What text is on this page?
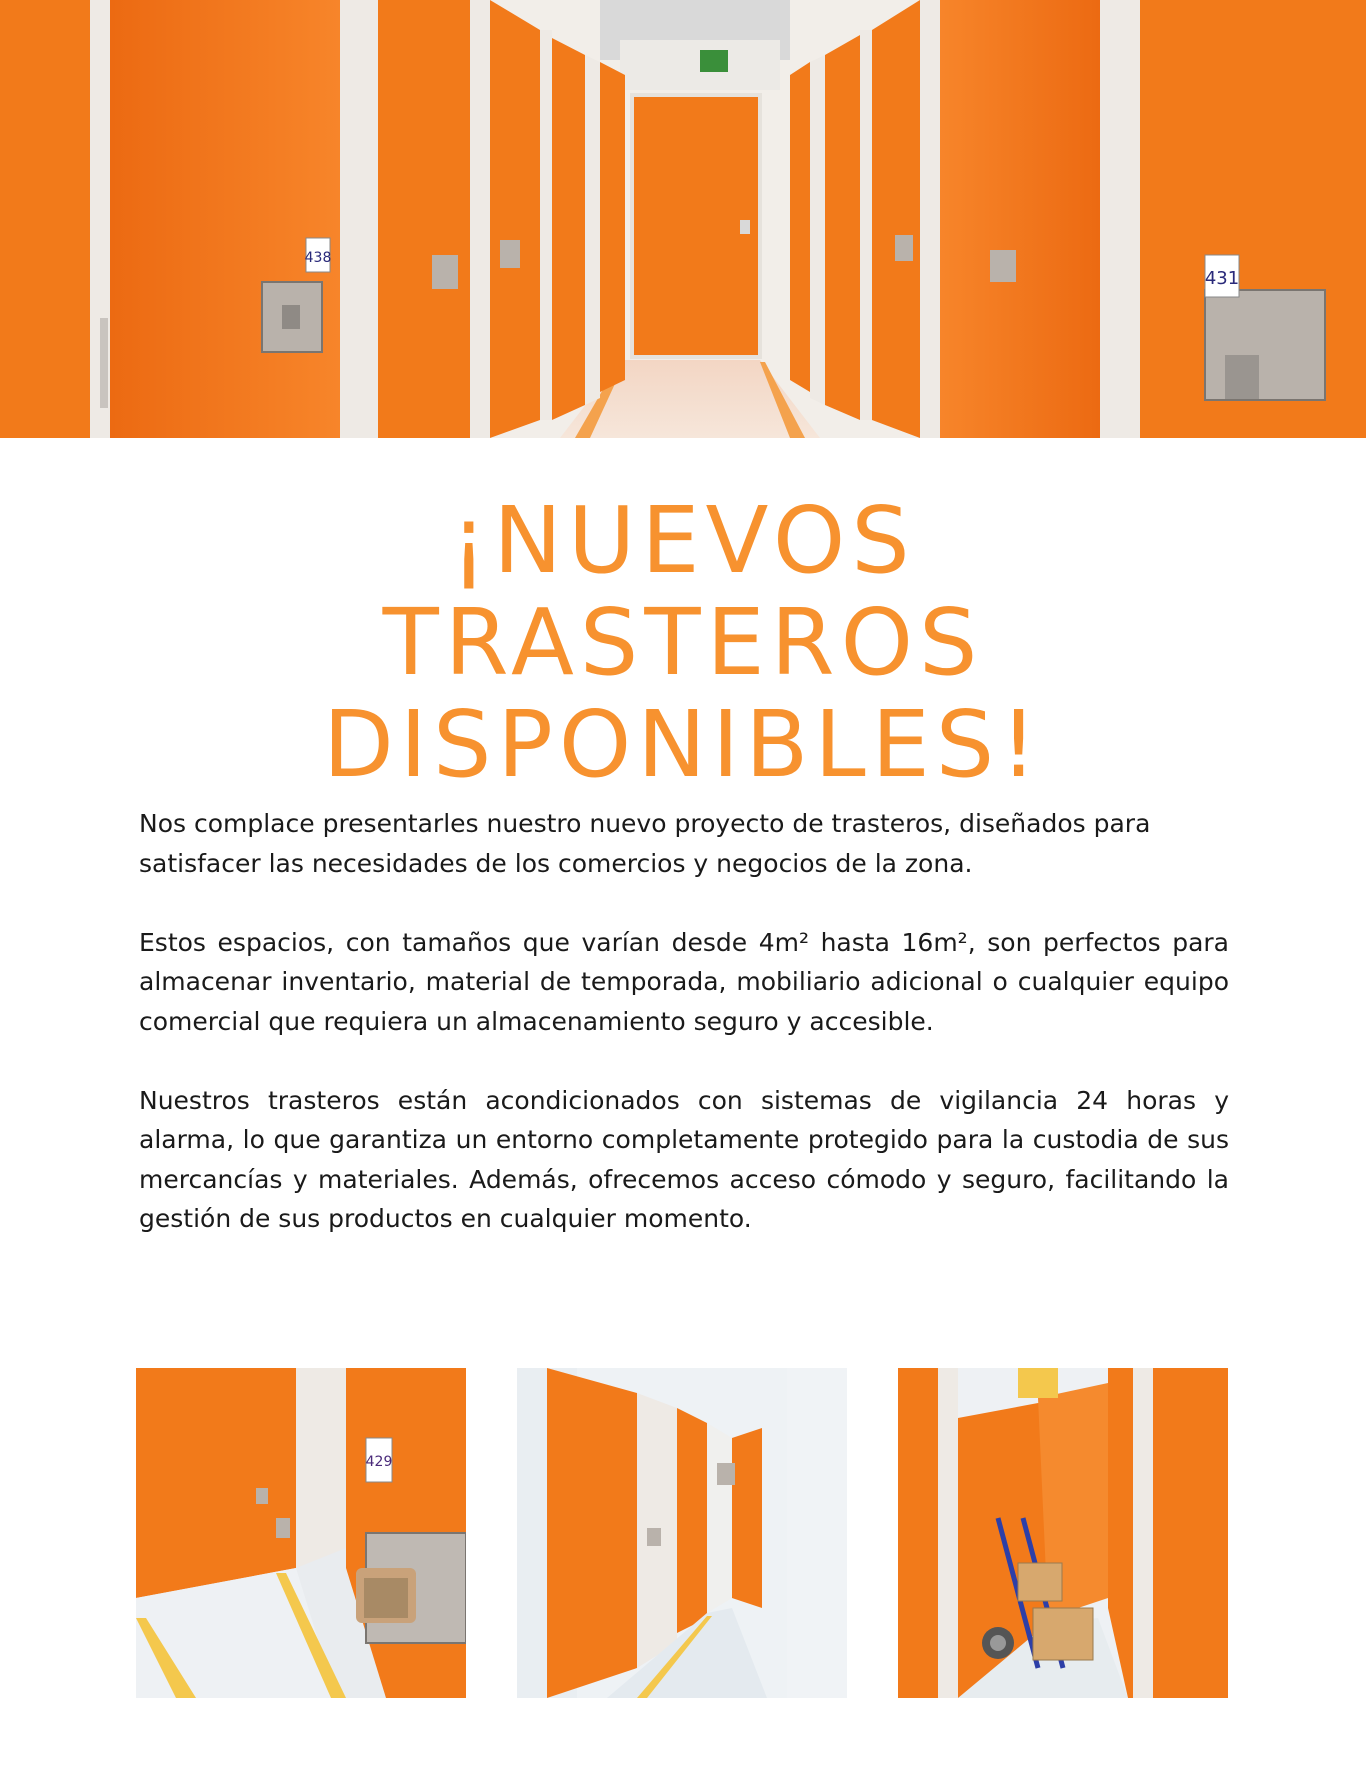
438
431
¡NUEVOS
TRASTEROS
DISPONIBLES!

Nos complace presentarles nuestro nuevo proyecto de trasteros, diseñados para satisfacer las necesidades de los comercios y negocios de la zona.

Estos espacios, con tamaños que varían desde 4m² hasta 16m², son perfectos para almacenar inventario, material de temporada, mobiliario adicional o cualquier equipo comercial que requiera un almacenamiento seguro y accesible.

Nuestros trasteros están acondicionados con sistemas de vigilancia 24 horas y alarma, lo que garantiza un entorno completamente protegido para la custodia de sus mercancías y materiales. Además, ofrecemos acceso cómodo y seguro, facilitando la gestión de sus productos en cualquier momento.

429
